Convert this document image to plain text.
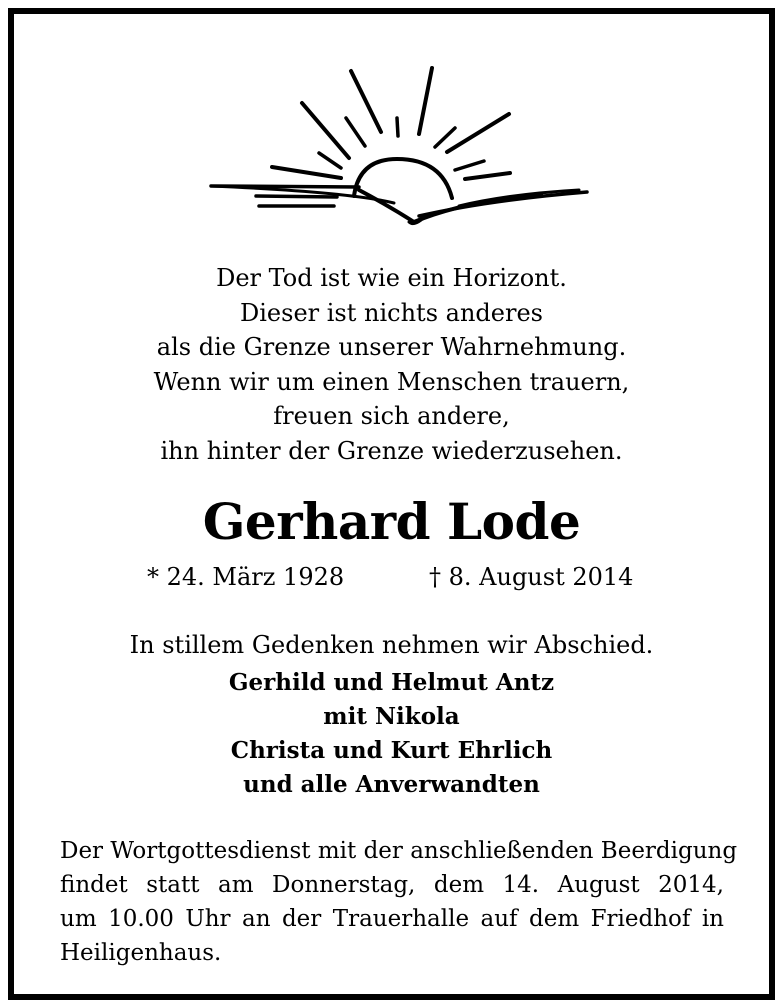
Der Tod ist wie ein Horizont.
Dieser ist nichts anderes
als die Grenze unserer Wahrnehmung.
Wenn wir um einen Menschen trauern,
freuen sich andere,
ihn hinter der Grenze wiederzusehen.
Gerhard Lode
* 24. März 1928	† 8. August 2014
In stillem Gedenken nehmen wir Abschied.
Gerhild und Helmut Antz
mit Nikola
Christa und Kurt Ehrlich
und alle Anverwandten
Der Wortgottesdienst mit der anschließenden Beerdigung
findet statt am Donnerstag, dem 14. August 2014,
um 10.00 Uhr an der Trauerhalle auf dem Friedhof in
Heiligenhaus.
